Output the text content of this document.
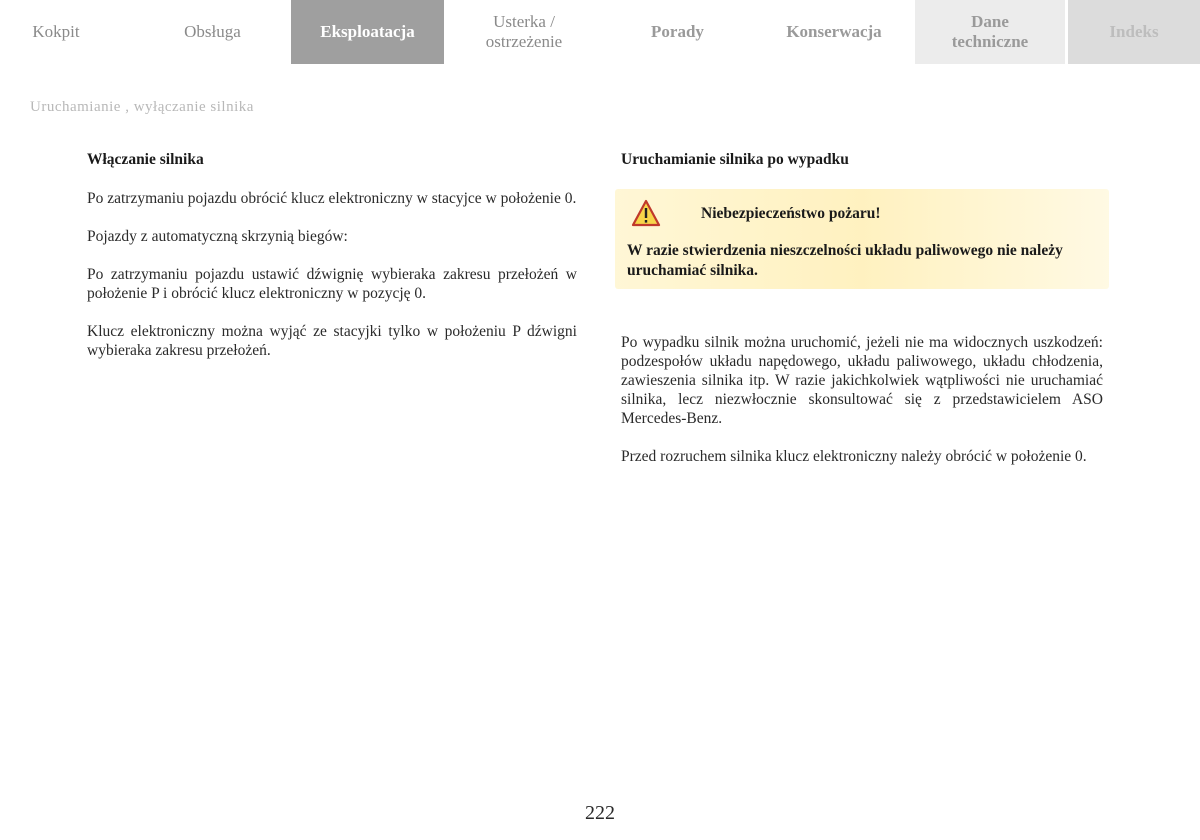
Kokpit	Obsługa	Eksploatacja
Usterka /
ostrzeżenie
Porady	Konserwacja
Dane
techniczne
Indeks
Uruchamianie , wyłączanie silnika
Włączanie silnika

Po zatrzymaniu pojazdu obrócić klucz elektroniczny w stacyjce w położenie 0.

Pojazdy z automatyczną skrzynią biegów:

Po zatrzymaniu pojazdu ustawić dźwignię wybieraka zakresu przełożeń w położenie P i obrócić klucz elektroniczny w pozycję 0.

Klucz elektroniczny można wyjąć ze stacyjki tylko w położeniu P dźwigni wybieraka zakresu przełożeń.

Uruchamianie silnika po wypadku
Niebezpieczeństwo pożaru!
W razie stwierdzenia nieszczelności układu paliwowego nie należy uruchamiać silnika.

Po wypadku silnik można uruchomić, jeżeli nie ma widocznych uszkodzeń: podzespołów układu napędowego, układu paliwowego, układu chłodzenia, zawieszenia silnika itp. W razie jakichkolwiek wątpliwości nie uruchamiać silnika, lecz niezwłocznie skonsultować się z przedstawicielem ASO Mercedes-Benz.

Przed rozruchem silnika klucz elektroniczny należy obrócić w położenie 0.

222
